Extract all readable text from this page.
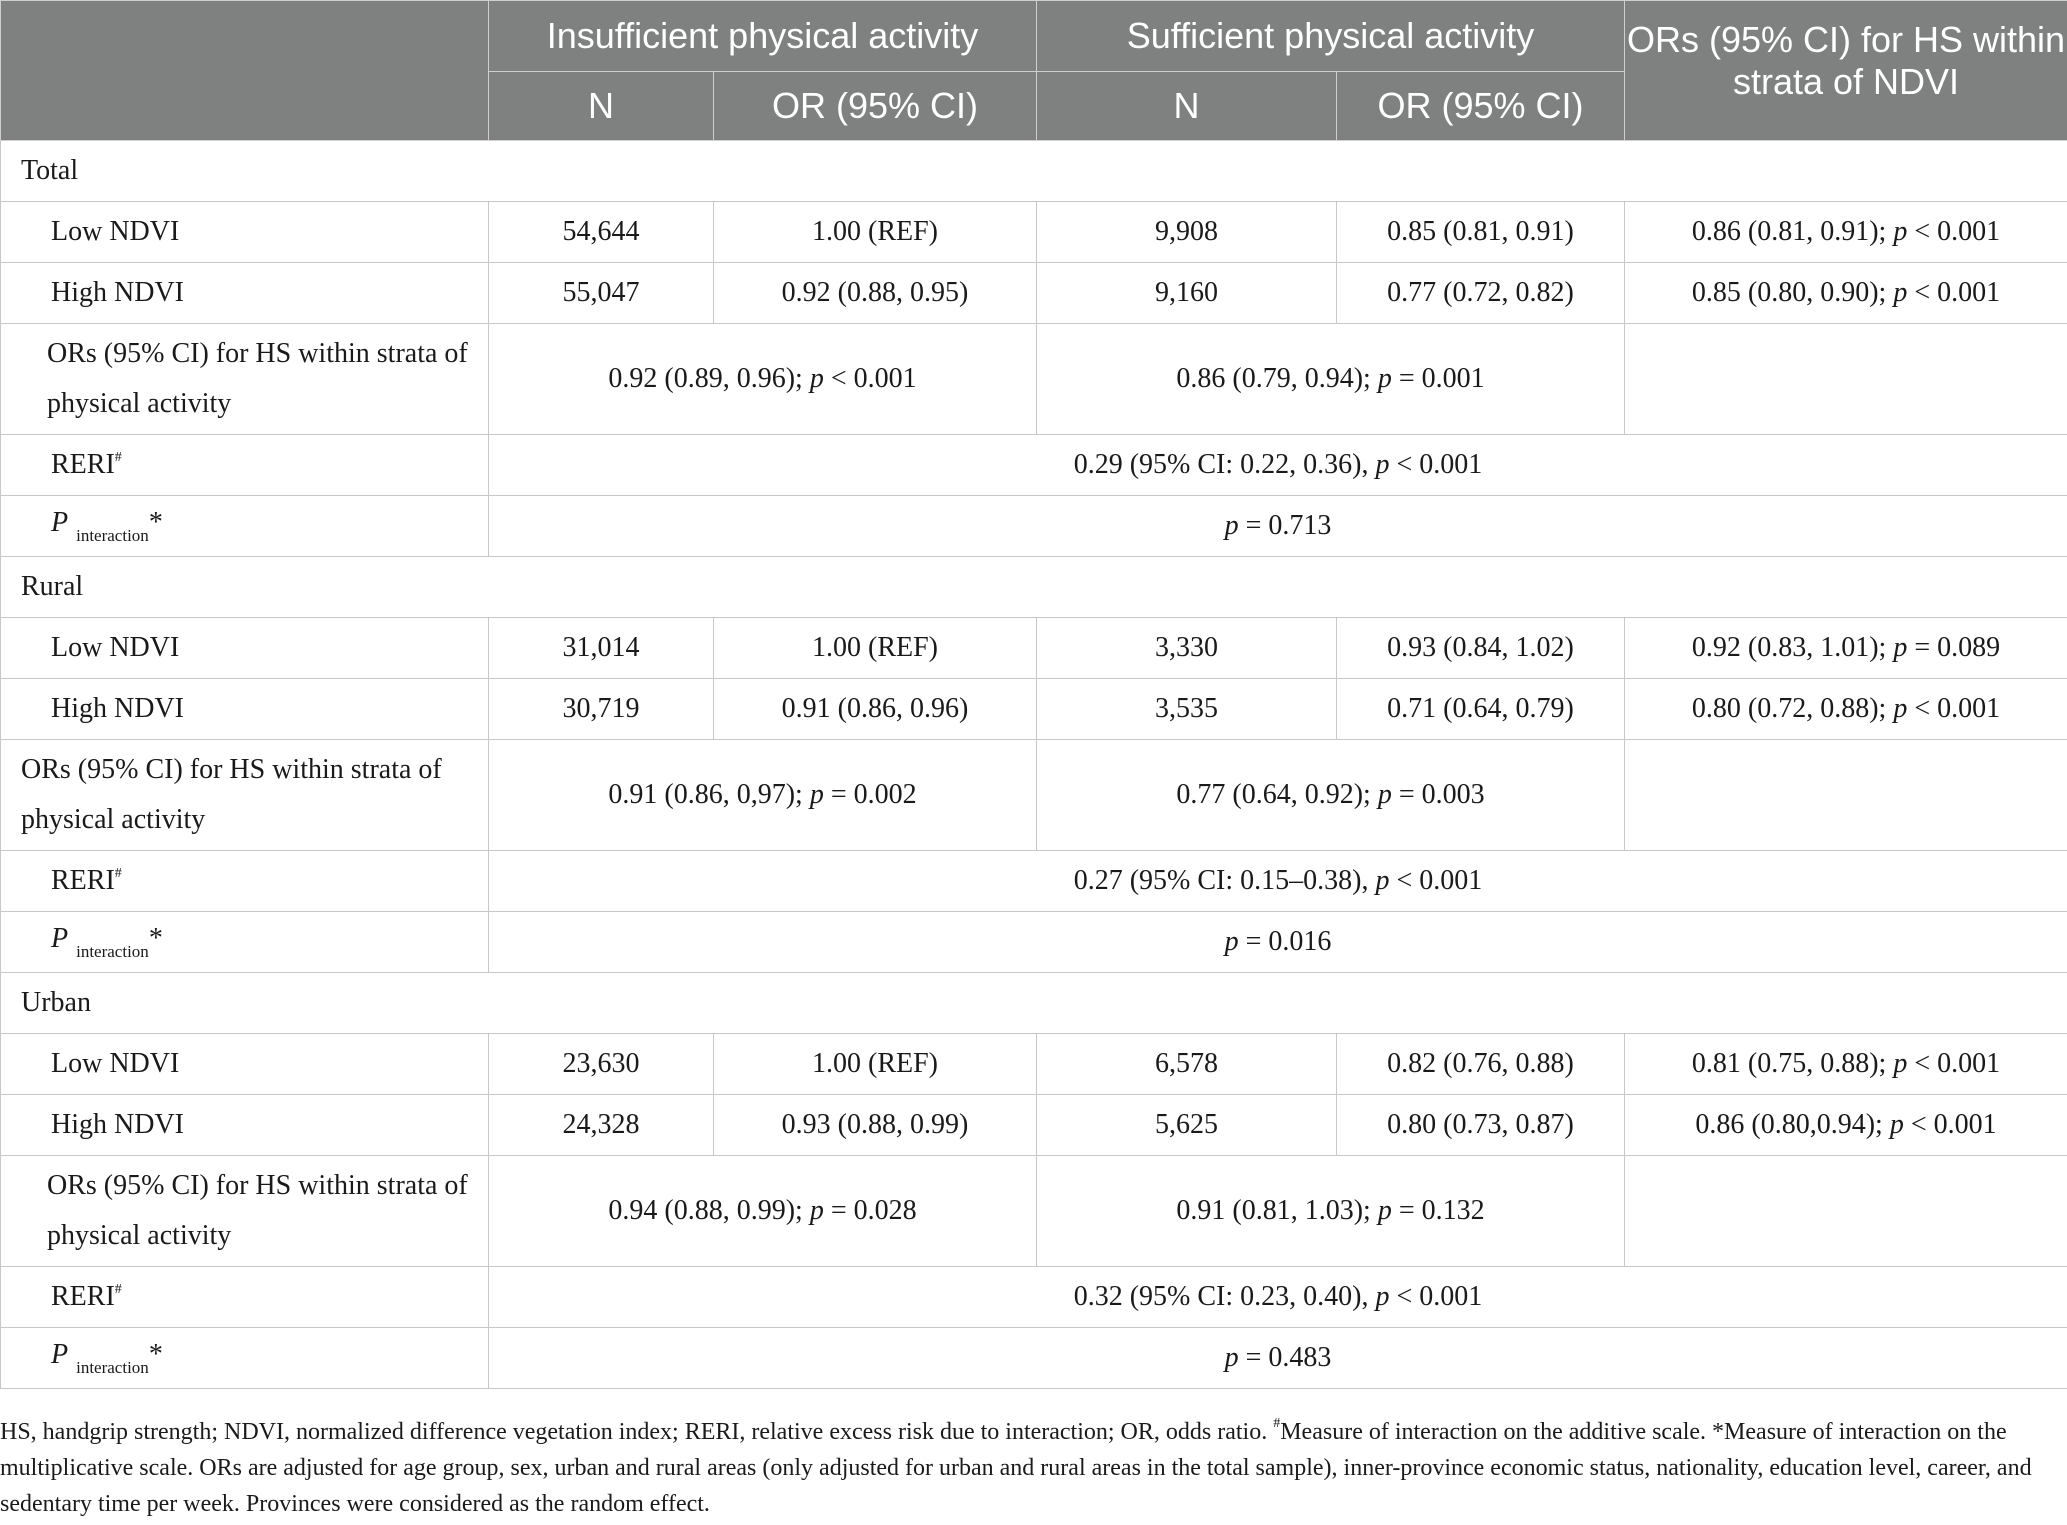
	Insufficient physical activity		Sufficient physical activity		ORs (95% CI) for HS within strata of NDVI
	N	OR (95% CI)	N	OR (95% CI)	
Total					
Low NDVI	54,644	1.00 (REF)	9,908	0.85 (0.81, 0.91)	0.86 (0.81, 0.91); p < 0.001
High NDVI	55,047	0.92 (0.88, 0.95)	9,160	0.77 (0.72, 0.82)	0.85 (0.80, 0.90); p < 0.001
ORs (95% CI) for HS within strata of physical activity	0.92 (0.89, 0.96); p < 0.001		0.86 (0.79, 0.94); p = 0.001		
RERI#	0.29 (95% CI: 0.22, 0.36), p < 0.001				
P $_{interaction}$*	p = 0.713				
Rural					
Low NDVI	31,014	1.00 (REF)	3,330	0.93 (0.84, 1.02)	0.92 (0.83, 1.01); p = 0.089
High NDVI	30,719	0.91 (0.86, 0.96)	3,535	0.71 (0.64, 0.79)	0.80 (0.72, 0.88); p < 0.001
ORs (95% CI) for HS within strata of physical activity	0.91 (0.86, 0,97); p = 0.002		0.77 (0.64, 0.92); p = 0.003		
RERI#	0.27 (95% CI: 0.15–0.38), p < 0.001				
P $_{interaction}$*	p = 0.016				
Urban					
Low NDVI	23,630	1.00 (REF)	6,578	0.82 (0.76, 0.88)	0.81 (0.75, 0.88); p < 0.001
High NDVI	24,328	0.93 (0.88, 0.99)	5,625	0.80 (0.73, 0.87)	0.86 (0.80,0.94); p < 0.001
ORs (95% CI) for HS within strata of physical activity	0.94 (0.88, 0.99); p = 0.028		0.91 (0.81, 1.03); p = 0.132		
RERI#	0.32 (95% CI: 0.23, 0.40), p < 0.001				
P $_{interaction}$*	p = 0.483				
HS, handgrip strength; NDVI, normalized difference vegetation index; RERI, relative excess risk due to interaction; OR, odds ratio. #Measure of interaction on the additive scale. *Measure of interaction on the multiplicative scale. ORs are adjusted for age group, sex, urban and rural areas (only adjusted for urban and rural areas in the total sample), inner-province economic status, nationality, education level, career, and sedentary time per week. Provinces were considered as the random effect.
